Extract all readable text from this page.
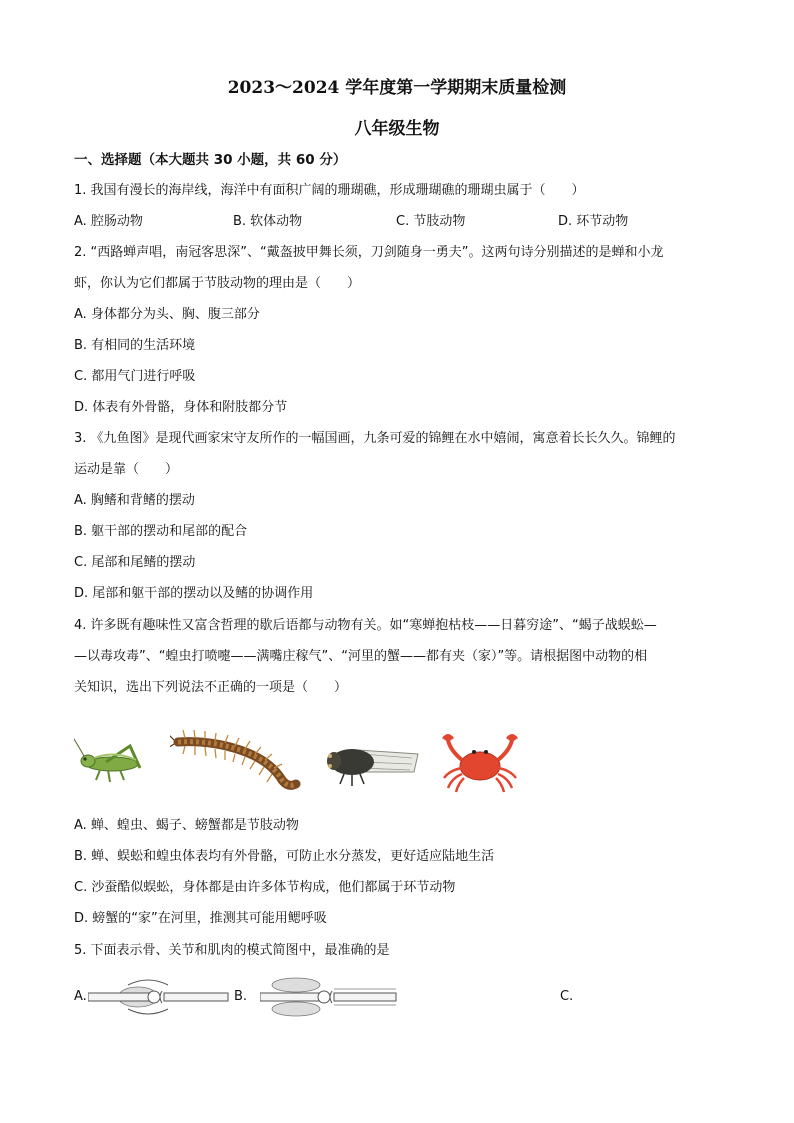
2023～2024 学年度第一学期期末质量检测
八年级生物
一、选择题（本大题共 30 小题，共 60 分）
1. 我国有漫长的海岸线，海洋中有面积广阔的珊瑚礁，形成珊瑚礁的珊瑚虫属于（　　）
A. 腔肠动物	B. 软体动物	C. 节肢动物	D. 环节动物
2. “西路蝉声唱，南冠客思深”、“戴盔披甲舞长须，刀剑随身一勇夫”。这两句诗分别描述的是蝉和小龙
虾，你认为它们都属于节肢动物的理由是（　　）
A. 身体都分为头、胸、腹三部分
B. 有相同的生活环境
C. 都用气门进行呼吸
D. 体表有外骨骼，身体和附肢都分节
3. 《九鱼图》是现代画家宋守友所作的一幅国画，九条可爱的锦鲤在水中嬉闹，寓意着长长久久。锦鲤的
运动是靠（　　）
A. 胸鳍和背鳍的摆动
B. 躯干部的摆动和尾部的配合
C. 尾部和尾鳍的摆动
D. 尾部和躯干部的摆动以及鳍的协调作用
4. 许多既有趣味性又富含哲理的歇后语都与动物有关。如“寒蝉抱枯枝——日暮穷途”、“蝎子战蜈蚣—
—以毒攻毒”、“蝗虫打喷嚏——满嘴庄稼气”、“河里的蟹——都有夹（家）”等。请根据图中动物的相
关知识，选出下列说法不正确的一项是（　　）
A. 蝉、蝗虫、蝎子、螃蟹都是节肢动物
B. 蝉、蜈蚣和蝗虫体表均有外骨骼，可防止水分蒸发，更好适应陆地生活
C. 沙蚕酷似蜈蚣，身体都是由许多体节构成，他们都属于环节动物
D. 螃蟹的“家”在河里，推测其可能用鳃呼吸
5. 下面表示骨、关节和肌肉的模式简图中，最准确的是
A.	B.	C.
